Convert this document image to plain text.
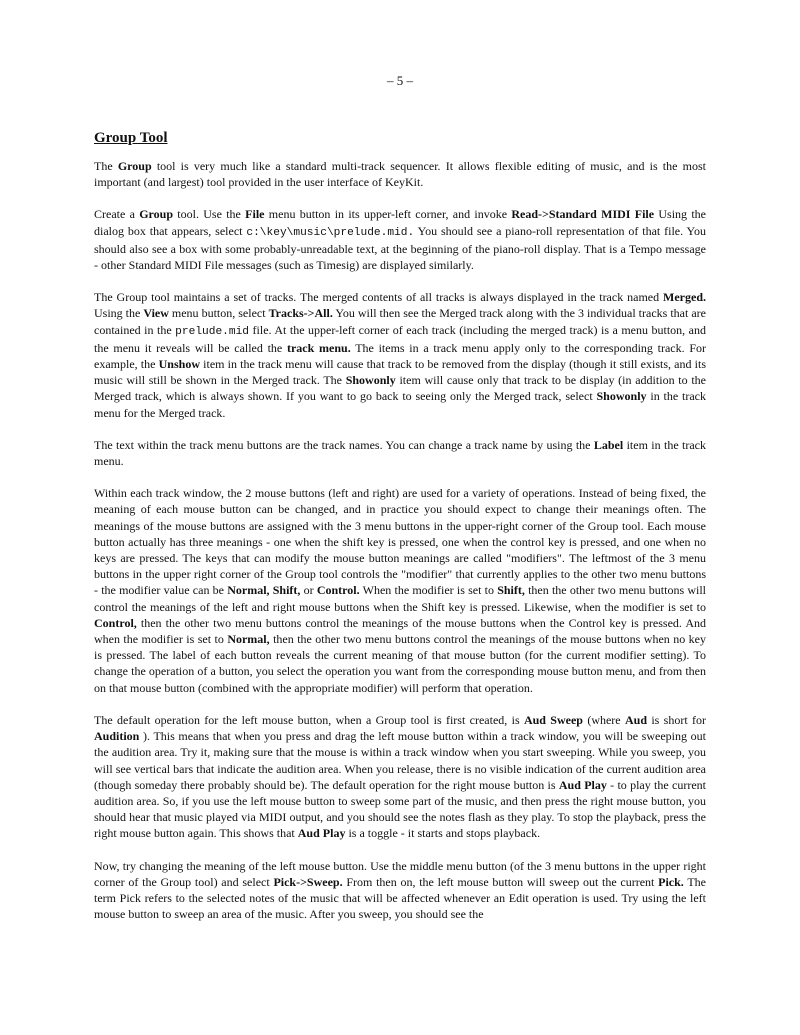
– 5 –
Group Tool

The Group tool is very much like a standard multi-track sequencer. It allows flexible editing of music, and is the most important (and largest) tool provided in the user interface of KeyKit.

Create a Group tool. Use the File menu button in its upper-left corner, and invoke Read->Standard MIDI File Using the dialog box that appears, select c:\key\music\prelude.mid. You should see a piano-roll representation of that file. You should also see a box with some probably-unreadable text, at the beginning of the piano-roll display. That is a Tempo message - other Standard MIDI File messages (such as Timesig) are displayed similarly.

The Group tool maintains a set of tracks. The merged contents of all tracks is always displayed in the track named Merged. Using the View menu button, select Tracks->All. You will then see the Merged track along with the 3 individual tracks that are contained in the prelude.mid file. At the upper-left corner of each track (including the merged track) is a menu button, and the menu it reveals will be called the track menu. The items in a track menu apply only to the corresponding track. For example, the Unshow item in the track menu will cause that track to be removed from the display (though it still exists, and its music will still be shown in the Merged track. The Showonly item will cause only that track to be display (in addition to the Merged track, which is always shown. If you want to go back to seeing only the Merged track, select Showonly in the track menu for the Merged track.

The text within the track menu buttons are the track names. You can change a track name by using the Label item in the track menu.

Within each track window, the 2 mouse buttons (left and right) are used for a variety of operations. Instead of being fixed, the meaning of each mouse button can be changed, and in practice you should expect to change their meanings often. The meanings of the mouse buttons are assigned with the 3 menu buttons in the upper-right corner of the Group tool. Each mouse button actually has three meanings - one when the shift key is pressed, one when the control key is pressed, and one when no keys are pressed. The keys that can modify the mouse button meanings are called "modifiers". The leftmost of the 3 menu buttons in the upper right corner of the Group tool controls the "modifier" that currently applies to the other two menu buttons - the modifier value can be Normal, Shift, or Control. When the modifier is set to Shift, then the other two menu buttons will control the meanings of the left and right mouse buttons when the Shift key is pressed. Likewise, when the modifier is set to Control, then the other two menu buttons control the meanings of the mouse buttons when the Control key is pressed. And when the modifier is set to Normal, then the other two menu buttons control the meanings of the mouse buttons when no key is pressed. The label of each button reveals the current meaning of that mouse button (for the current modifier setting). To change the operation of a button, you select the operation you want from the corresponding mouse button menu, and from then on that mouse button (combined with the appropriate modifier) will perform that operation.

The default operation for the left mouse button, when a Group tool is first created, is Aud Sweep (where Aud is short for Audition ). This means that when you press and drag the left mouse button within a track window, you will be sweeping out the audition area. Try it, making sure that the mouse is within a track window when you start sweeping. While you sweep, you will see vertical bars that indicate the audition area. When you release, there is no visible indication of the current audition area (though someday there probably should be). The default operation for the right mouse button is Aud Play - to play the current audition area. So, if you use the left mouse button to sweep some part of the music, and then press the right mouse button, you should hear that music played via MIDI output, and you should see the notes flash as they play. To stop the playback, press the right mouse button again. This shows that Aud Play is a toggle - it starts and stops playback.

Now, try changing the meaning of the left mouse button. Use the middle menu button (of the 3 menu buttons in the upper right corner of the Group tool) and select Pick->Sweep. From then on, the left mouse button will sweep out the current Pick. The term Pick refers to the selected notes of the music that will be affected whenever an Edit operation is used. Try using the left mouse button to sweep an area of the music. After you sweep, you should see the
